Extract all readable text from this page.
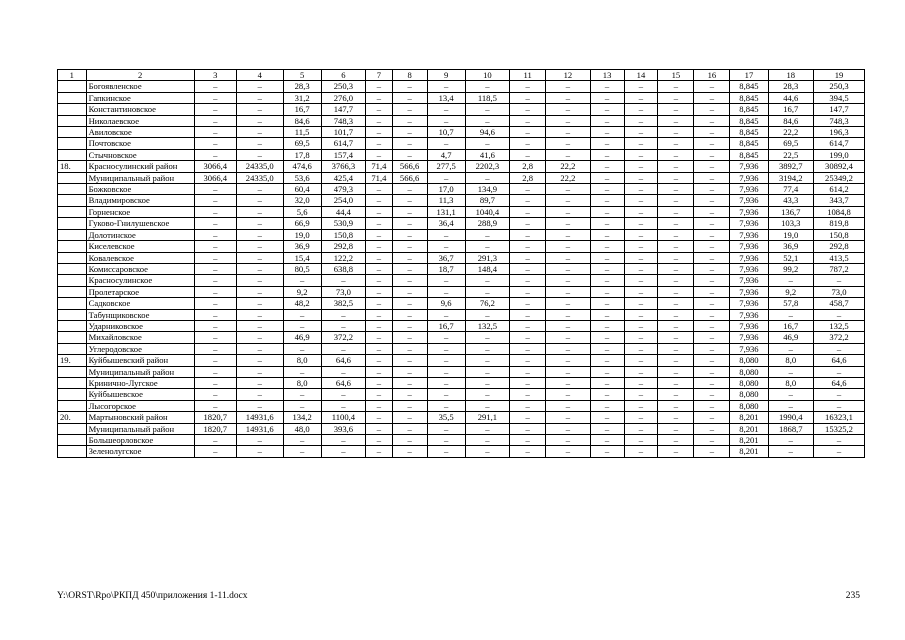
1	2	3	4	5	6	7	8	9	10	11	12	13	14	15	16	17	18	19
	Богоявленское	–	–	28,3	250,3	–	–	–	–	–	–	–	–	–	–	8,845	28,3	250,3
	Гапкинское	–	–	31,2	276,0	–	–	13,4	118,5	–	–	–	–	–	–	8,845	44,6	394,5
	Константиновское	–	–	16,7	147,7	–	–	–	–	–	–	–	–	–	–	8,845	16,7	147,7
	Николаевское	–	–	84,6	748,3	–	–	–	–	–	–	–	–	–	–	8,845	84,6	748,3
	Авиловское	–	–	11,5	101,7	–	–	10,7	94,6	–	–	–	–	–	–	8,845	22,2	196,3
	Почтовское	–	–	69,5	614,7	–	–	–	–	–	–	–	–	–	–	8,845	69,5	614,7
	Стычновское	–	–	17,8	157,4	–	–	4,7	41,6	–	–	–	–	–	–	8,845	22,5	199,0
18.	Красносулинский район	3066,4	24335,0	474,6	3766,3	71,4	566,6	277,5	2202,3	2,8	22,2	–	–	–	–	7,936	3892,7	30892,4
	Муниципальный район	3066,4	24335,0	53,6	425,4	71,4	566,6	–	–	2,8	22,2	–	–	–	–	7,936	3194,2	25349,2
	Божковское	–	–	60,4	479,3	–	–	17,0	134,9	–	–	–	–	–	–	7,936	77,4	614,2
	Владимировское	–	–	32,0	254,0	–	–	11,3	89,7	–	–	–	–	–	–	7,936	43,3	343,7
	Горненское	–	–	5,6	44,4	–	–	131,1	1040,4	–	–	–	–	–	–	7,936	136,7	1084,8
	Гуково-Гнилушевское	–	–	66,9	530,9	–	–	36,4	288,9	–	–	–	–	–	–	7,936	103,3	819,8
	Долотинское	–	–	19,0	150,8	–	–	–	–	–	–	–	–	–	–	7,936	19,0	150,8
	Киселевское	–	–	36,9	292,8	–	–	–	–	–	–	–	–	–	–	7,936	36,9	292,8
	Ковалевское	–	–	15,4	122,2	–	–	36,7	291,3	–	–	–	–	–	–	7,936	52,1	413,5
	Комиссаровское	–	–	80,5	638,8	–	–	18,7	148,4	–	–	–	–	–	–	7,936	99,2	787,2
	Красносулинское	–	–	–	–	–	–	–	–	–	–	–	–	–	–	7,936	–	–
	Пролетарское	–	–	9,2	73,0	–	–	–	–	–	–	–	–	–	–	7,936	9,2	73,0
	Садковское	–	–	48,2	382,5	–	–	9,6	76,2	–	–	–	–	–	–	7,936	57,8	458,7
	Табунщиковское	–	–	–	–	–	–	–	–	–	–	–	–	–	–	7,936	–	–
	Ударниковское	–	–	–	–	–	–	16,7	132,5	–	–	–	–	–	–	7,936	16,7	132,5
	Михайловское	–	–	46,9	372,2	–	–	–	–	–	–	–	–	–	–	7,936	46,9	372,2
	Углеродовское	–	–	–	–	–	–	–	–	–	–	–	–	–	–	7,936	–	–
19.	Куйбышевский район	–	–	8,0	64,6	–	–	–	–	–	–	–	–	–	–	8,080	8,0	64,6
	Муниципальный район	–	–	–	–	–	–	–	–	–	–	–	–	–	–	8,080	–	–
	Кринично-Лугское	–	–	8,0	64,6	–	–	–	–	–	–	–	–	–	–	8,080	8,0	64,6
	Куйбышевское	–	–	–	–	–	–	–	–	–	–	–	–	–	–	8,080	–	–
	Лысогорское	–	–	–	–	–	–	–	–	–	–	–	–	–	–	8,080	–	–
20.	Мартыновский район	1820,7	14931,6	134,2	1100,4	–	–	35,5	291,1	–	–	–	–	–	–	8,201	1990,4	16323,1
	Муниципальный район	1820,7	14931,6	48,0	393,6	–	–	–	–	–	–	–	–	–	–	8,201	1868,7	15325,2
	Большеорловское	–	–	–	–	–	–	–	–	–	–	–	–	–	–	8,201	–	–
	Зеленолугское	–	–	–	–	–	–	–	–	–	–	–	–	–	–	8,201	–	–
Y:\ORST\Rpo\РКПД 450\приложения 1-11.docx	235
